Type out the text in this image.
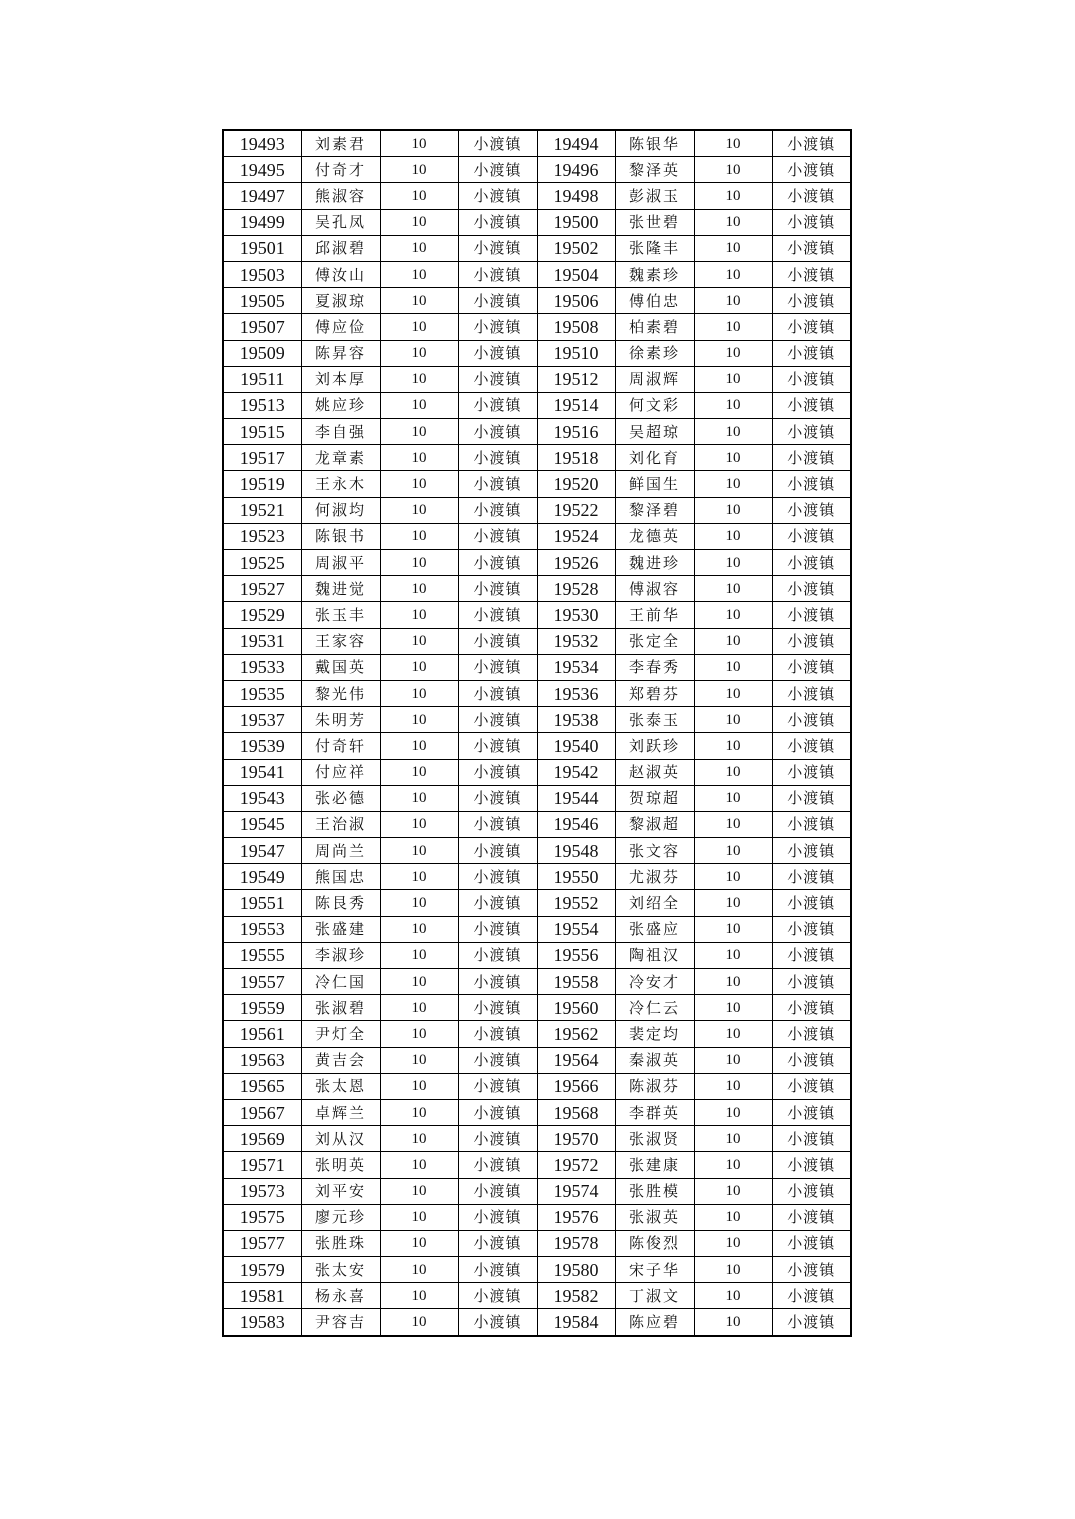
19493	刘素君	10	小渡镇	19494	陈银华	10	小渡镇
19495	付奇才	10	小渡镇	19496	黎泽英	10	小渡镇
19497	熊淑容	10	小渡镇	19498	彭淑玉	10	小渡镇
19499	吴孔凤	10	小渡镇	19500	张世碧	10	小渡镇
19501	邱淑碧	10	小渡镇	19502	张隆丰	10	小渡镇
19503	傅汝山	10	小渡镇	19504	魏素珍	10	小渡镇
19505	夏淑琼	10	小渡镇	19506	傅伯忠	10	小渡镇
19507	傅应俭	10	小渡镇	19508	柏素碧	10	小渡镇
19509	陈昇容	10	小渡镇	19510	徐素珍	10	小渡镇
19511	刘本厚	10	小渡镇	19512	周淑辉	10	小渡镇
19513	姚应珍	10	小渡镇	19514	何文彩	10	小渡镇
19515	李自强	10	小渡镇	19516	吴超琼	10	小渡镇
19517	龙章素	10	小渡镇	19518	刘化育	10	小渡镇
19519	王永木	10	小渡镇	19520	鲜国生	10	小渡镇
19521	何淑均	10	小渡镇	19522	黎泽碧	10	小渡镇
19523	陈银书	10	小渡镇	19524	龙德英	10	小渡镇
19525	周淑平	10	小渡镇	19526	魏进珍	10	小渡镇
19527	魏进觉	10	小渡镇	19528	傅淑容	10	小渡镇
19529	张玉丰	10	小渡镇	19530	王前华	10	小渡镇
19531	王家容	10	小渡镇	19532	张定全	10	小渡镇
19533	戴国英	10	小渡镇	19534	李春秀	10	小渡镇
19535	黎光伟	10	小渡镇	19536	郑碧芬	10	小渡镇
19537	朱明芳	10	小渡镇	19538	张泰玉	10	小渡镇
19539	付奇轩	10	小渡镇	19540	刘跃珍	10	小渡镇
19541	付应祥	10	小渡镇	19542	赵淑英	10	小渡镇
19543	张必德	10	小渡镇	19544	贺琼超	10	小渡镇
19545	王治淑	10	小渡镇	19546	黎淑超	10	小渡镇
19547	周尚兰	10	小渡镇	19548	张文容	10	小渡镇
19549	熊国忠	10	小渡镇	19550	尤淑芬	10	小渡镇
19551	陈艮秀	10	小渡镇	19552	刘绍全	10	小渡镇
19553	张盛建	10	小渡镇	19554	张盛应	10	小渡镇
19555	李淑珍	10	小渡镇	19556	陶祖汉	10	小渡镇
19557	冷仁国	10	小渡镇	19558	冷安才	10	小渡镇
19559	张淑碧	10	小渡镇	19560	冷仁云	10	小渡镇
19561	尹灯全	10	小渡镇	19562	裴定均	10	小渡镇
19563	黄吉会	10	小渡镇	19564	秦淑英	10	小渡镇
19565	张太恩	10	小渡镇	19566	陈淑芬	10	小渡镇
19567	卓辉兰	10	小渡镇	19568	李群英	10	小渡镇
19569	刘从汉	10	小渡镇	19570	张淑贤	10	小渡镇
19571	张明英	10	小渡镇	19572	张建康	10	小渡镇
19573	刘平安	10	小渡镇	19574	张胜模	10	小渡镇
19575	廖元珍	10	小渡镇	19576	张淑英	10	小渡镇
19577	张胜珠	10	小渡镇	19578	陈俊烈	10	小渡镇
19579	张太安	10	小渡镇	19580	宋子华	10	小渡镇
19581	杨永喜	10	小渡镇	19582	丁淑文	10	小渡镇
19583	尹容吉	10	小渡镇	19584	陈应碧	10	小渡镇
